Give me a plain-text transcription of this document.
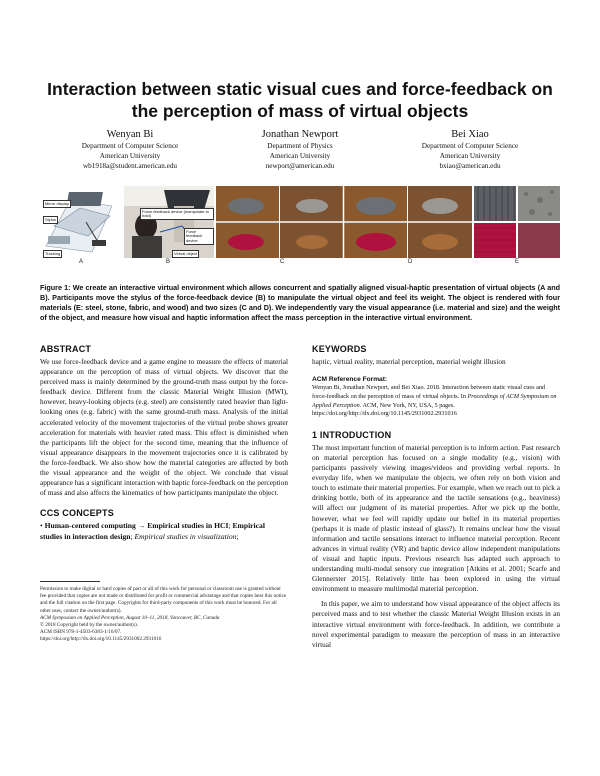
Interaction between static visual cues and force-feedback on the perception of mass of virtual objects
Wenyan Bi
Department of Computer Science
American University
wb1918a@student.american.edu
Jonathan Newport
Department of Physics
American University
newport@american.edu
Bei Xiao
Department of Computer Science
American University
bxiao@american.edu
Mirror display
Stylus
Tracking
A
Force-feedback device (manipulate to hold)
Force feedback device
Virtual object
B	C	D	E
Figure 1: We create an interactive virtual environment which allows concurrent and spatially aligned visual-haptic presentation of virtual objects (A and B). Participants move the stylus of the force-feedback device (B) to manipulate the virtual object and feel its weight. The object is rendered with four materials (E: steel, stone, fabric, and wood) and two sizes (C and D). We independently vary the visual appearance (i.e. material and size) and the weight of the object, and measure how visual and haptic information affect the mass perception in the interactive virtual environment.
ABSTRACT
We use force-feedback device and a game engine to measure the effects of material appearance on the perception of mass of virtual objects. We discover that the perceived mass is mainly determined by the ground-truth mass output by the force-feedback device. Different from the classic Material Weight Illusion (MWI), however, heavy-looking objects (e.g. steel) are consistently rated heavier than light-looking ones (e.g. fabric) with the same ground-truth mass. Analysis of the initial accelerated velocity of the movement trajectories of the virtual probe shows greater acceleration for materials with heavier rated mass. This effect is diminished when the participants lift the object for the second time, meaning that the influence of visual appearance disappears in the movement trajectories once it is calibrated by the force-feedback. We also show how the material categories are affected by both the visual appearance and the weight of the object. We conclude that visual appearance has a significant interaction with haptic force-feedback on the perception of mass and also affects the kinematics of how participants manipulate the object.
CCS CONCEPTS
• Human-centered computing → Empirical studies in HCI; Empirical studies in interaction design; Empirical studies in visualization;
Permission to make digital or hard copies of part or all of this work for personal or classroom use is granted without fee provided that copies are not made or distributed for profit or commercial advantage and that copies bear this notice and the full citation on the first page. Copyrights for third-party components of this work must be honored. For all other uses, contact the owner/author(s).
ACM Symposium on Applied Perception, August 10–11, 2018, Vancouver, BC, Canada
© 2018 Copyright held by the owner/author(s).
ACM ISBN 978-1-4503-6383-1/16/07.
https://doi.org/http://dx.doi.org/10.1145/2931002.2931016
KEYWORDS
haptic, virtual reality, material perception, material weight illusion
ACM Reference Format:
Wenyan Bi, Jonathan Newport, and Bei Xiao. 2018. Interaction between static visual cues and force-feedback on the perception of mass of virtual objects. In Proceedings of ACM Symposium on Applied Perception. ACM, New York, NY, USA, 5 pages. https://doi.org/http://dx.doi.org/10.1145/2931002.2931016
1 INTRODUCTION
The most important function of material perception is to inform action. Past research on material perception has focused on a single modality (e.g., vision) with participants passively viewing images/videos and providing verbal reports. In everyday life, when we manipulate the objects, we often rely on both vision and touch to estimate their material properties. For example, when we reach out to pick a drinking bottle, both of its appearance and the tactile sensations (e.g., heaviness) will affect our judgment of its material properties. After we pick up the bottle, however, what we feel will rapidly update our belief in its material properties (perhaps it is made of plastic instead of glass?). It remains unclear how the visual information and tactile sensations interact to influence material perception. Recent advances in virtual reality (VR) and haptic device allow independent manipulations of visual and haptic inputs. Previous research has adapted such approach to understanding multi-modal sensory cue integration [Atkins et al. 2001; Scarfe and Glennerster 2015]. Relatively little has been explored in using the virtual environment to measure multimodal material perception.
In this paper, we aim to understand how visual appearance of the object affects its perceived mass and to test whether the classic Material Weight Illusion exists in an interactive virtual environment with force-feedback. In addition, we contribute a novel experimental paradigm to measure the perception of mass in an interactive virtual
